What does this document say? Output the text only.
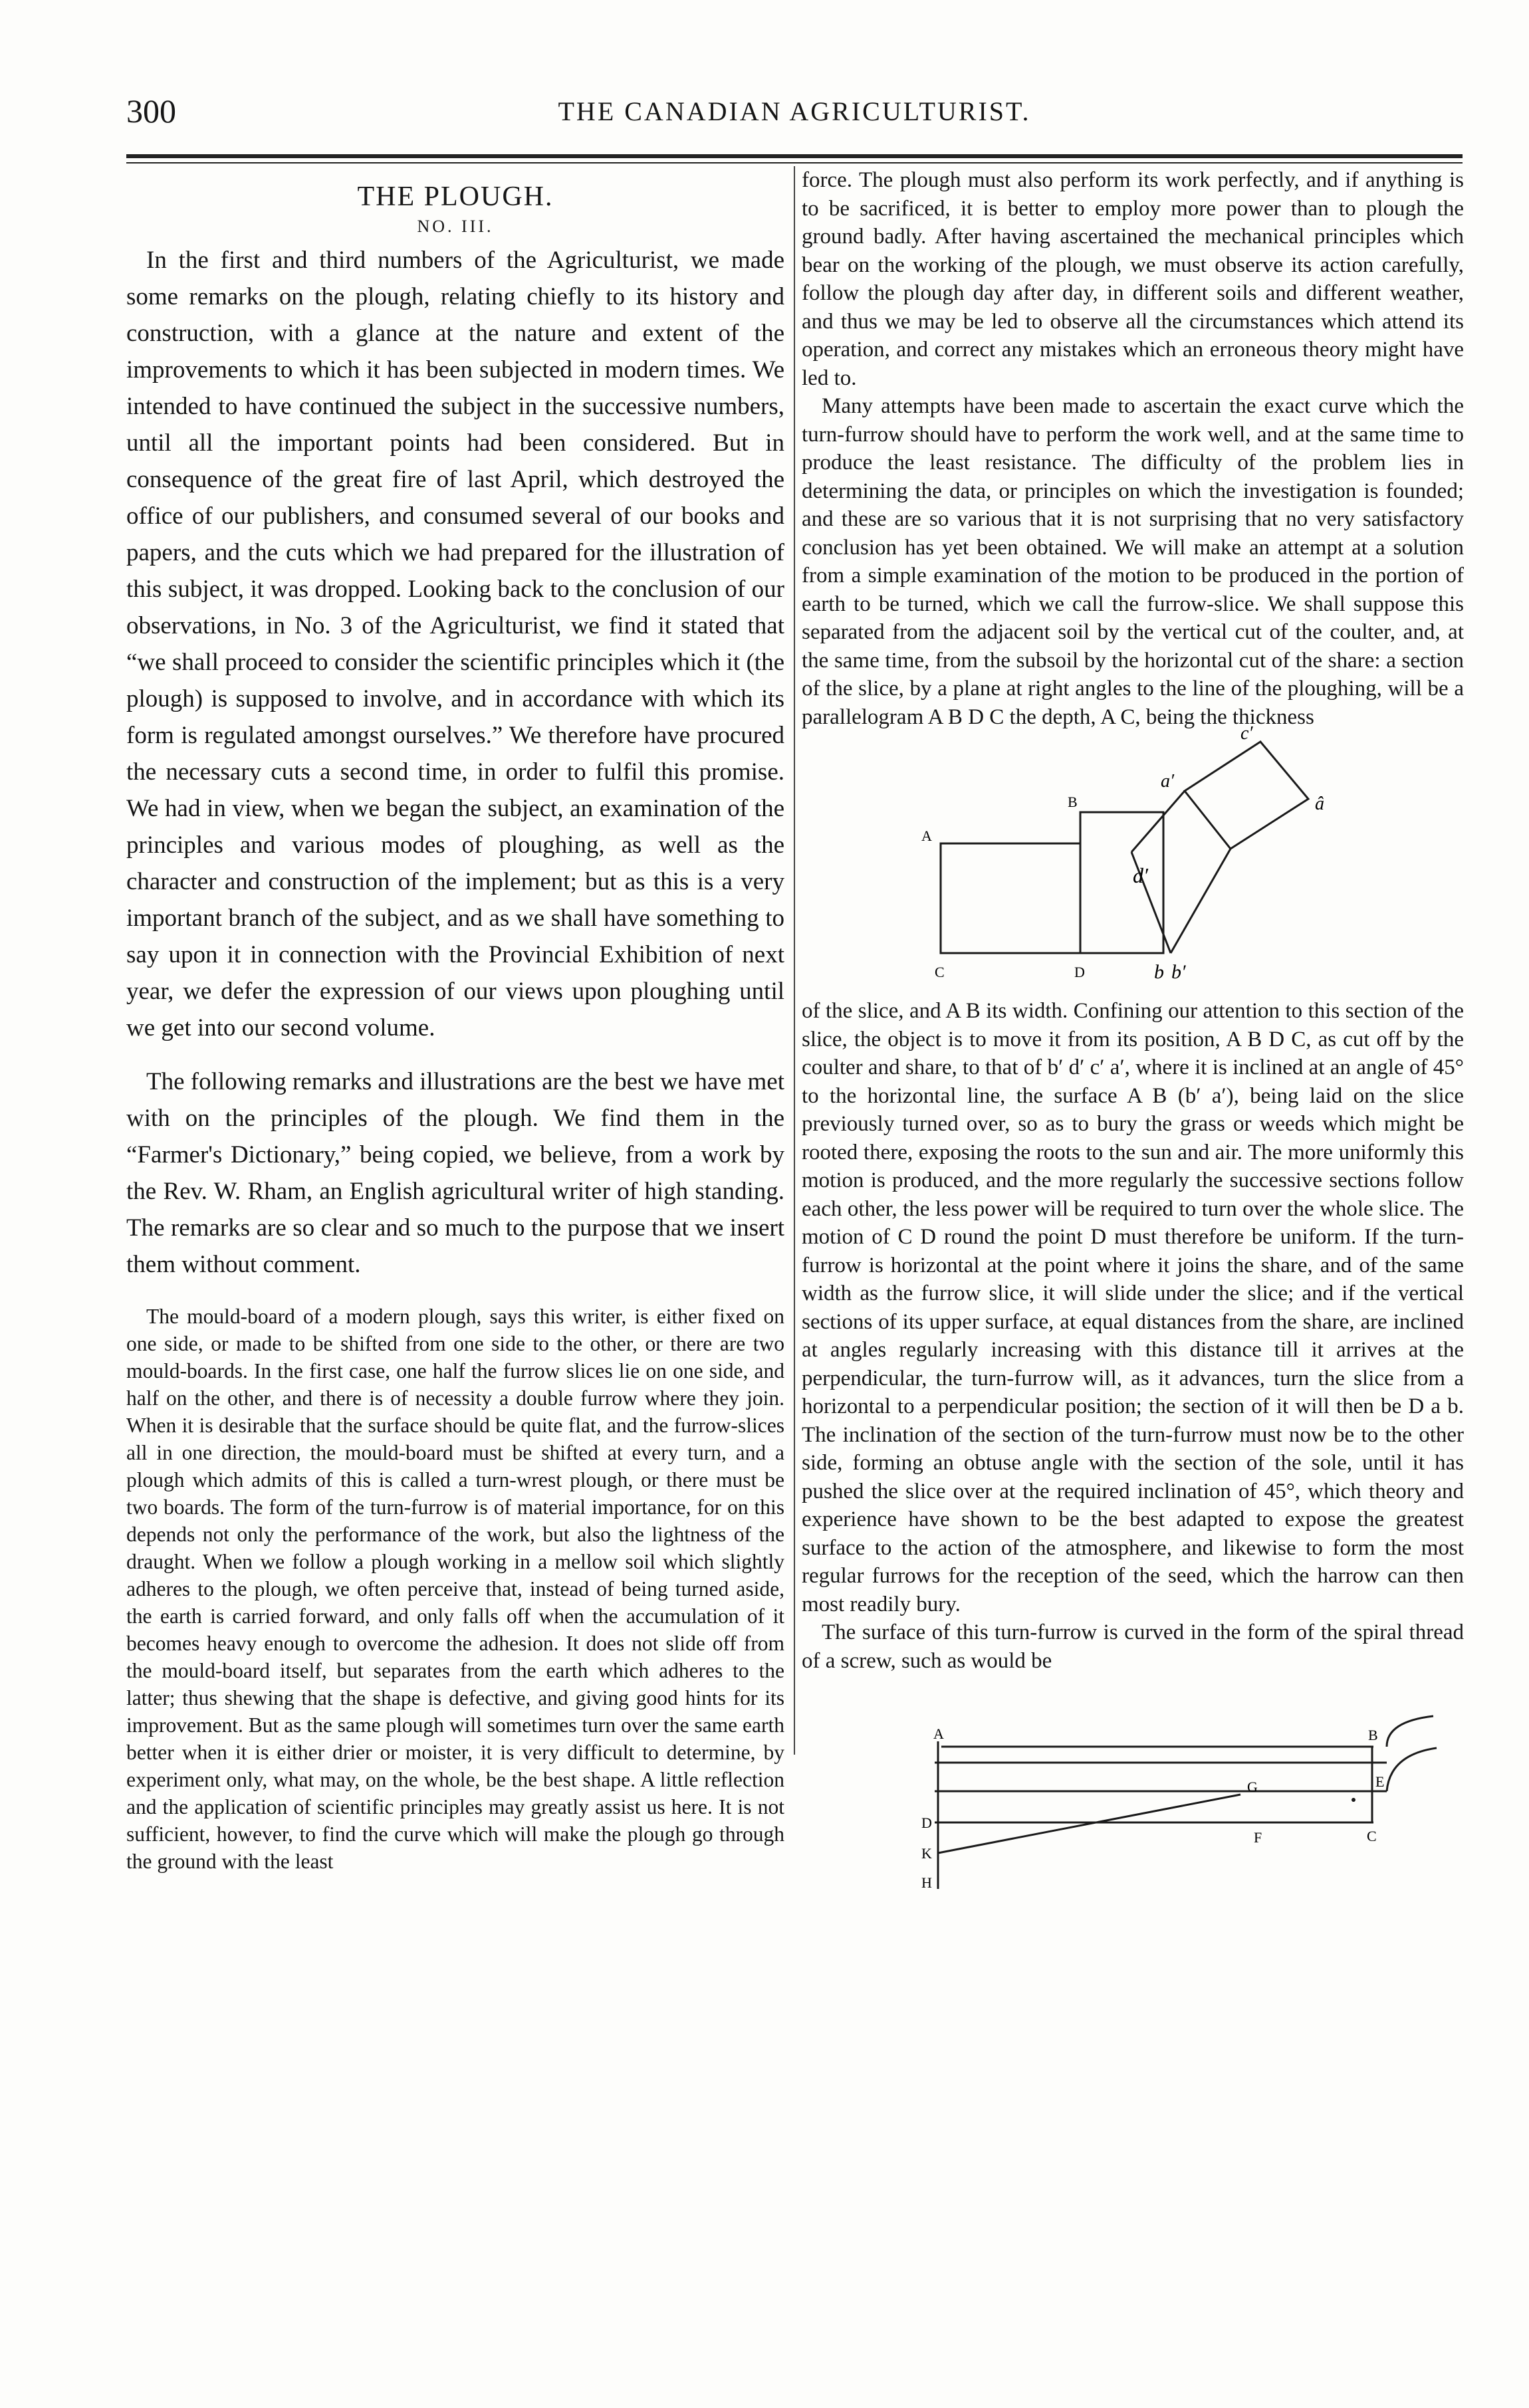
300	THE CANADIAN AGRICULTURIST.
THE PLOUGH.
NO. III.

In the first and third numbers of the Agriculturist, we made some remarks on the plough, relating chiefly to its history and construction, with a glance at the nature and extent of the improvements to which it has been subjected in modern times. We intended to have continued the subject in the successive numbers, until all the important points had been considered. But in consequence of the great fire of last April, which destroyed the office of our publishers, and consumed several of our books and papers, and the cuts which we had prepared for the illustration of this subject, it was dropped. Looking back to the conclusion of our observations, in No. 3 of the Agriculturist, we find it stated that “we shall proceed to consider the scientific principles which it (the plough) is supposed to involve, and in accordance with which its form is regulated amongst ourselves.” We therefore have procured the necessary cuts a second time, in order to fulfil this promise. We had in view, when we began the subject, an examination of the principles and various modes of ploughing, as well as the character and construction of the implement; but as this is a very important branch of the subject, and as we shall have something to say upon it in connection with the Provincial Exhibition of next year, we defer the expression of our views upon ploughing until we get into our second volume.

The following remarks and illustrations are the best we have met with on the principles of the plough. We find them in the “Farmer's Dictionary,” being copied, we believe, from a work by the Rev. W. Rham, an English agricultural writer of high standing. The remarks are so clear and so much to the purpose that we insert them without comment.

The mould-board of a modern plough, says this writer, is either fixed on one side, or made to be shifted from one side to the other, or there are two mould-boards. In the first case, one half the furrow slices lie on one side, and half on the other, and there is of necessity a double furrow where they join. When it is desirable that the surface should be quite flat, and the furrow-slices all in one direction, the mould-board must be shifted at every turn, and a plough which admits of this is called a turn-wrest plough, or there must be two boards. The form of the turn-furrow is of material importance, for on this depends not only the performance of the work, but also the lightness of the draught. When we follow a plough working in a mellow soil which slightly adheres to the plough, we often perceive that, instead of being turned aside, the earth is carried forward, and only falls off when the accumulation of it becomes heavy enough to overcome the adhesion. It does not slide off from the mould-board itself, but separates from the earth which adheres to the latter; thus shewing that the shape is defective, and giving good hints for its improvement. But as the same plough will sometimes turn over the same earth better when it is either drier or moister, it is very difficult to determine, by experiment only, what may, on the whole, be the best shape. A little reflection and the application of scientific principles may greatly assist us here. It is not sufficient, however, to find the curve which will make the plough go through the ground with the least

force. The plough must also perform its work perfectly, and if anything is to be sacrificed, it is better to employ more power than to plough the ground badly. After having ascertained the mechanical principles which bear on the working of the plough, we must observe its action carefully, follow the plough day after day, in different soils and different weather, and thus we may be led to observe all the circumstances which attend its operation, and correct any mistakes which an erroneous theory might have led to.

Many attempts have been made to ascertain the exact curve which the turn-furrow should have to perform the work well, and at the same time to produce the least resistance. The difficulty of the problem lies in determining the data, or principles on which the investigation is founded; and these are so various that it is not surprising that no very satisfactory conclusion has yet been obtained. We will make an attempt at a solution from a simple examination of the motion to be produced in the portion of earth to be turned, which we call the furrow-slice. We shall suppose this separated from the adjacent soil by the vertical cut of the coulter, and, at the same time, from the subsoil by the horizontal cut of the share: a section of the slice, by a plane at right angles to the line of the ploughing, will be a parallelogram A B D C the depth, A C, being the thickness

a′
c′
â
B
A
d′
C	D	b b′

of the slice, and A B its width. Confining our attention to this section of the slice, the object is to move it from its position, A B D C, as cut off by the coulter and share, to that of b′ d′ c′ a′, where it is inclined at an angle of 45° to the horizontal line, the surface A B (b′ a′), being laid on the slice previously turned over, so as to bury the grass or weeds which might be rooted there, exposing the roots to the sun and air. The more uniformly this motion is produced, and the more regularly the successive sections follow each other, the less power will be required to turn over the whole slice. The motion of C D round the point D must therefore be uniform. If the turn-furrow is horizontal at the point where it joins the share, and of the same width as the furrow slice, it will slide under the slice; and if the vertical sections of its upper surface, at equal distances from the share, are inclined at angles regularly increasing with this distance till it arrives at the perpendicular, the turn-furrow will, as it advances, turn the slice from a horizontal to a perpendicular position; the section of it will then be D a b. The inclination of the section of the turn-furrow must now be to the other side, forming an obtuse angle with the section of the sole, until it has pushed the slice over at the required inclination of 45°, which theory and experience have shown to be the best adapted to expose the greatest surface to the action of the atmosphere, and likewise to form the most regular furrows for the reception of the seed, which the harrow can then most readily bury.

The surface of this turn-furrow is curved in the form of the spiral thread of a screw, such as would be

A	B
E
D
G
F	C
K
H
